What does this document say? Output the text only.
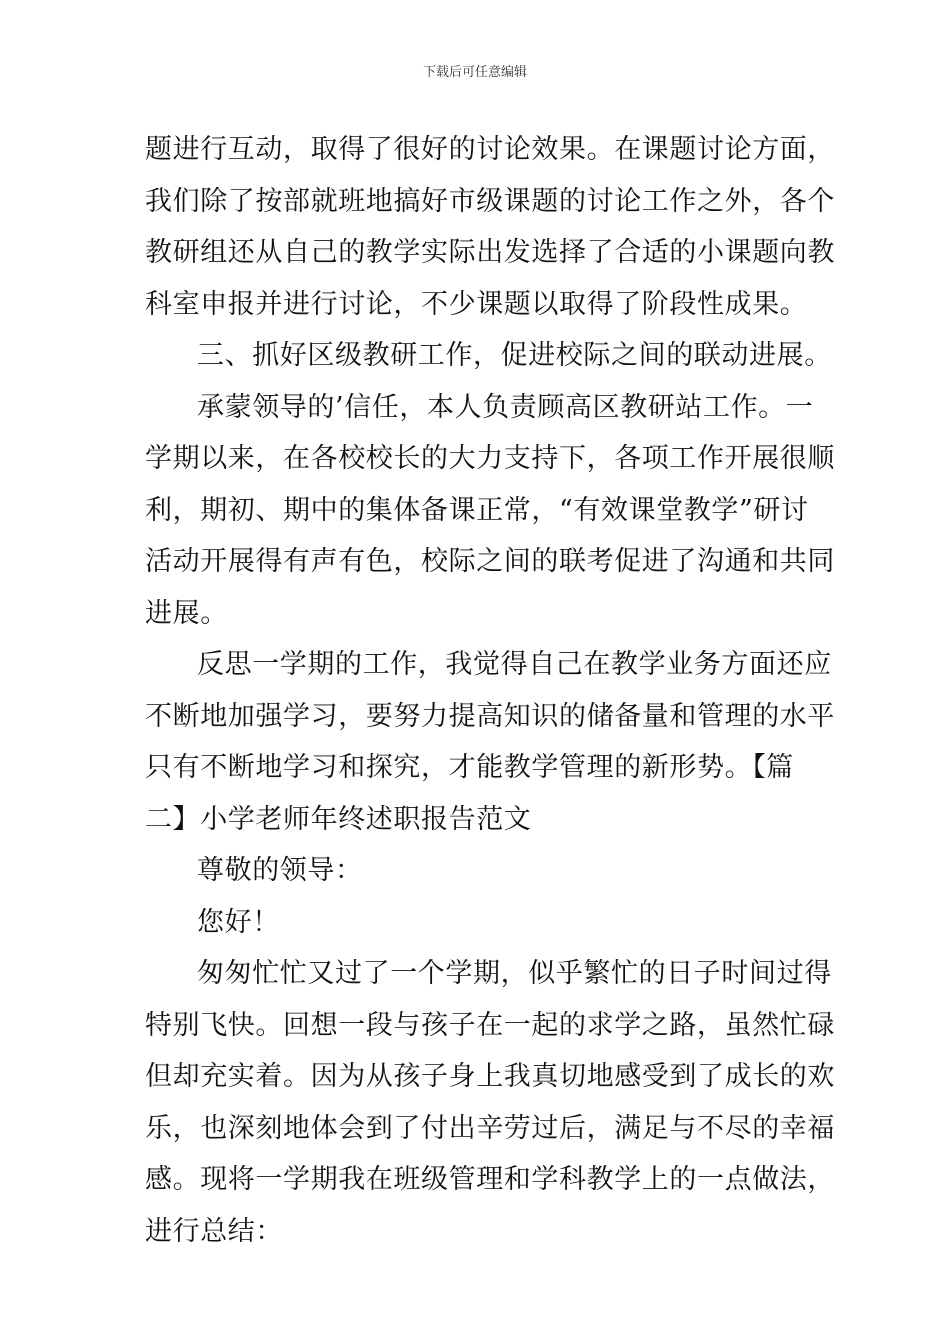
下载后可任意编辑
题进行互动，取得了很好的讨论效果。在课题讨论方面，
我们除了按部就班地搞好市级课题的讨论工作之外，各个
教研组还从自己的教学实际出发选择了合适的小课题向教
科室申报并进行讨论，不少课题以取得了阶段性成果。
三、抓好区级教研工作，促进校际之间的联动进展。
承蒙领导的’信任，本人负责顾高区教研站工作。一
学期以来，在各校校长的大力支持下，各项工作开展很顺
利，期初、期中的集体备课正常，“有效课堂教学”研讨
活动开展得有声有色，校际之间的联考促进了沟通和共同
进展。
反思一学期的工作，我觉得自己在教学业务方面还应
不断地加强学习，要努力提高知识的储备量和管理的水平
只有不断地学习和探究，才能教学管理的新形势。【篇
二】小学老师年终述职报告范文
尊敬的领导：
您好！
匆匆忙忙又过了一个学期，似乎繁忙的日子时间过得
特别飞快。回想一段与孩子在一起的求学之路，虽然忙碌
但却充实着。因为从孩子身上我真切地感受到了成长的欢
乐，也深刻地体会到了付出辛劳过后，满足与不尽的幸福
感。现将一学期我在班级管理和学科教学上的一点做法，
进行总结：
